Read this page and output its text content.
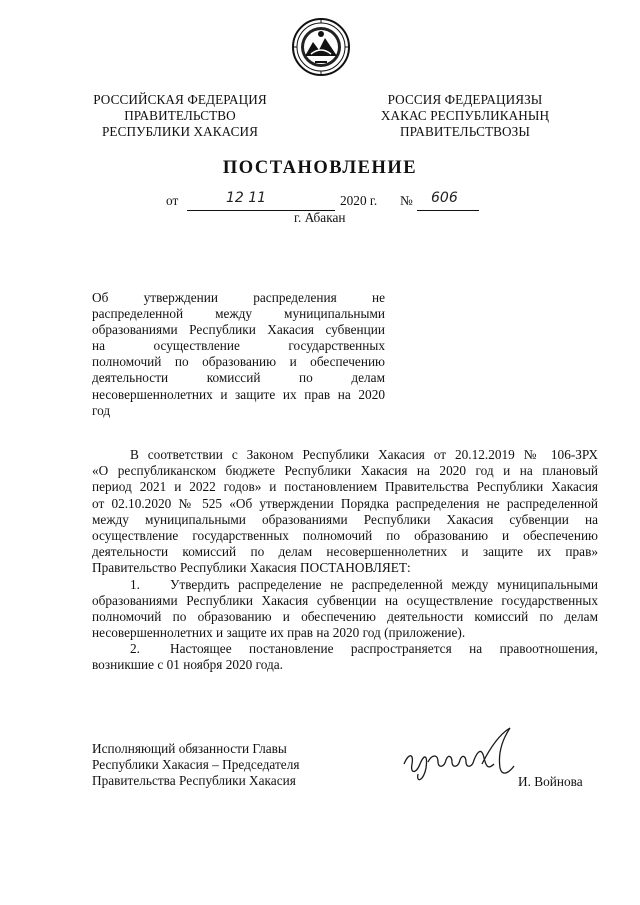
РОССИЙСКАЯ ФЕДЕРАЦИЯ
ПРАВИТЕЛЬСТВО
РЕСПУБЛИКИ ХАКАСИЯ
РОССИЯ ФЕДЕРАЦИЯЗЫ
ХАКАС РЕСПУБЛИКАНЫҢ
ПРАВИТЕЛЬСТВОЗЫ
ПОСТАНОВЛЕНИЕ
от	12 11	2020 г. № 606
г. Абакан
Об утверждении распределения не
распределенной между муниципальными
образованиями Республики Хакасия субвенции
на осуществление государственных
полномочий по образованию и обеспечению
деятельности комиссий по делам
несовершеннолетних и защите их прав на 2020
год
В соответствии с Законом Республики Хакасия от 20.12.2019 № 106-ЗРХ
«О республиканском бюджете Республики Хакасия на 2020 год и на плановый
период 2021 и 2022 годов» и постановлением Правительства Республики Хакасия
от 02.10.2020 № 525 «Об утверждении Порядка распределения не распределенной
между муниципальными образованиями Республики Хакасия субвенции на
осуществление государственных полномочий по образованию и обеспечению
деятельности комиссий по делам несовершеннолетних и защите их прав»
Правительство Республики Хакасия ПОСТАНОВЛЯЕТ:
1. Утвердить распределение не распределенной между муниципальными
образованиями Республики Хакасия субвенции на осуществление государственных
полномочий по образованию и обеспечению деятельности комиссий по делам
несовершеннолетних и защите их прав на 2020 год (приложение).
2. Настоящее постановление распространяется на правоотношения,
возникшие с 01 ноября 2020 года.
Исполняющий обязанности Главы
Республики Хакасия – Председателя
Правительства Республики Хакасия	И. Войнова
